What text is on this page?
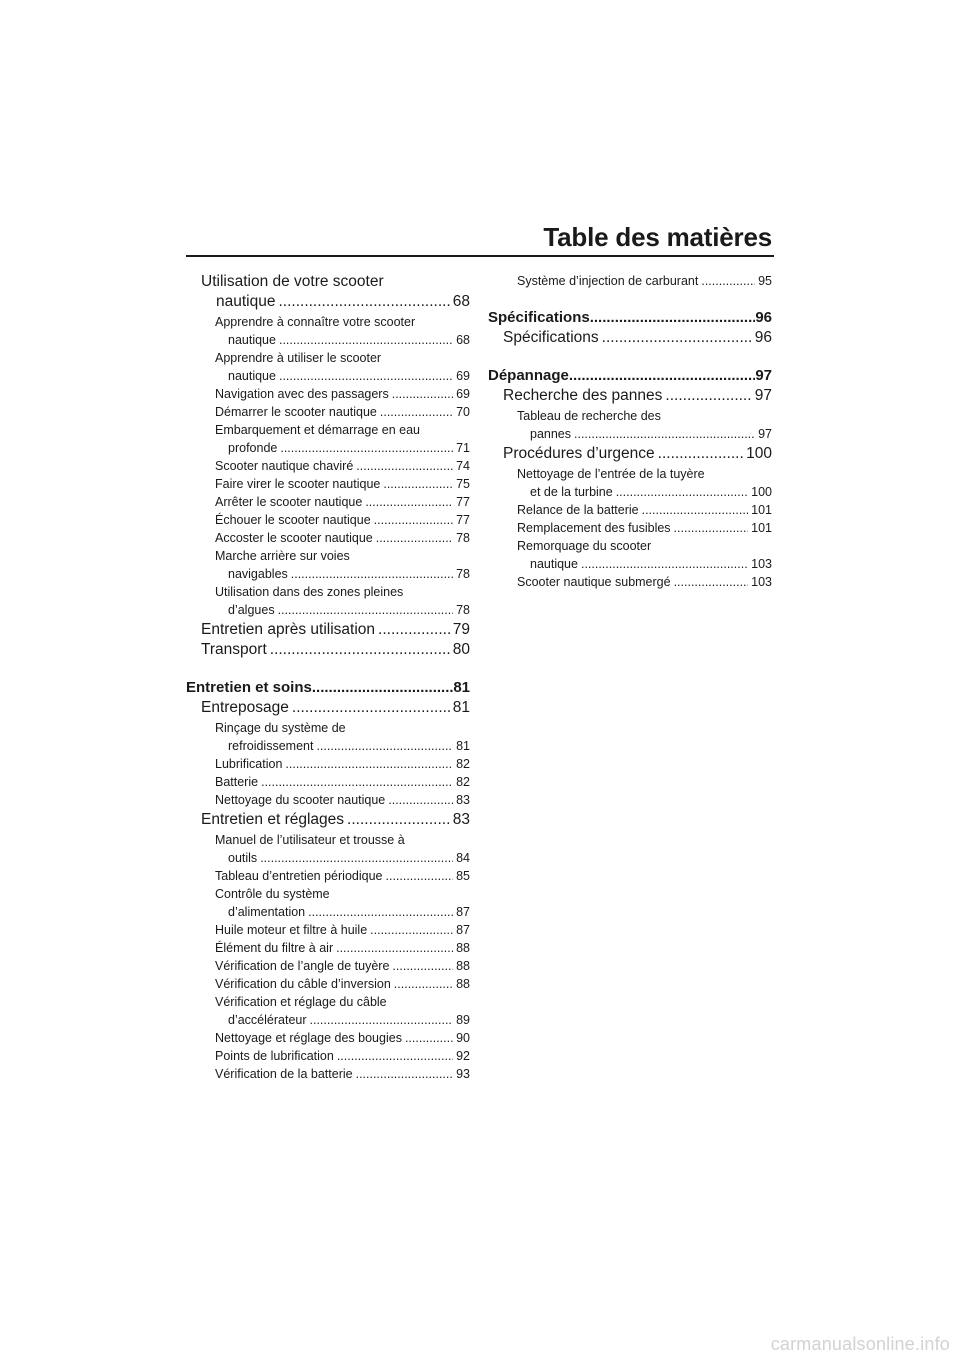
Table des matières
Utilisation de votre scooter
nautique .....	68
Apprendre à connaître votre scooter
nautique .....	68
Apprendre à utiliser le scooter
nautique .....	69
Navigation avec des passagers .....	69
Démarrer le scooter nautique .....	70
Embarquement et démarrage en eau
profonde .....	71
Scooter nautique chaviré .....	74
Faire virer le scooter nautique .....	75
Arrêter le scooter nautique .....	77
Échouer le scooter nautique .....	77
Accoster le scooter nautique .....	78
Marche arrière sur voies
navigables .....	78
Utilisation dans des zones pleines
d’algues .....	78
Entretien après utilisation .....	79
Transport .....	80
Entretien et soins .....	81
Entreposage .....	81
Rinçage du système de
refroidissement .....	81
Lubrification .....	82
Batterie .....	82
Nettoyage du scooter nautique .....	83
Entretien et réglages .....	83
Manuel de l’utilisateur et trousse à
outils .....	84
Tableau d’entretien périodique .....	85
Contrôle du système
d’alimentation .....	87
Huile moteur et filtre à huile .....	87
Élément du filtre à air .....	88
Vérification de l’angle de tuyère .....	88
Vérification du câble d’inversion .....	88
Vérification et réglage du câble
d’accélérateur .....	89
Nettoyage et réglage des bougies .....	90
Points de lubrification .....	92
Vérification de la batterie .....	93
Système d’injection de carburant .....	95
Spécifications .....	96
Spécifications .....	96
Dépannage .....	97
Recherche des pannes .....	97
Tableau de recherche des
pannes .....	97
Procédures d’urgence .....	100
Nettoyage de l’entrée de la tuyère
et de la turbine .....	100
Relance de la batterie .....	101
Remplacement des fusibles .....	101
Remorquage du scooter
nautique .....	103
Scooter nautique submergé .....	103

carmanualsonline.info
